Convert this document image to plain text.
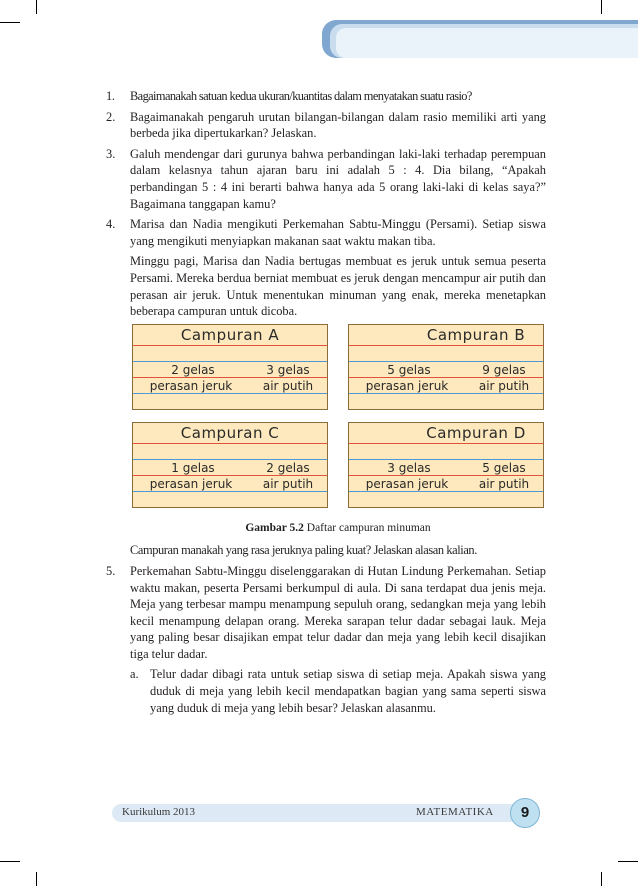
1. Bagaimanakah satuan kedua ukuran/kuantitas dalam menyatakan suatu rasio?

2. Bagaimanakah pengaruh urutan bilangan-bilangan dalam rasio memiliki arti yang berbeda jika dipertukarkan? Jelaskan.

3. Galuh mendengar dari gurunya bahwa perbandingan laki-laki terhadap perempuan dalam kelasnya tahun ajaran baru ini adalah 5 : 4. Dia bilang, “Apakah perbandingan 5 : 4 ini berarti bahwa hanya ada 5 orang laki-laki di kelas saya?” Bagaimana tanggapan kamu?

4. Marisa dan Nadia mengikuti Perkemahan Sabtu-Minggu (Persami). Setiap siswa yang mengikuti menyiapkan makanan saat waktu makan tiba.

Minggu pagi, Marisa dan Nadia bertugas membuat es jeruk untuk semua peserta Persami. Mereka berdua berniat membuat es jeruk dengan mencampur air putih dan perasan air jeruk. Untuk menentukan minuman yang enak, mereka menetapkan beberapa campuran untuk dicoba.

Campuran A
2 gelas	3 gelas
perasan jeruk	air putih
Campuran B
5 gelas	9 gelas
perasan jeruk	air putih
Campuran C
1 gelas	2 gelas
perasan jeruk	air putih
Campuran D
3 gelas	5 gelas
perasan jeruk	air putih
Gambar 5.2 Daftar campuran minuman

Campuran manakah yang rasa jeruknya paling kuat? Jelaskan alasan kalian.

5. Perkemahan Sabtu-Minggu diselenggarakan di Hutan Lindung Perkemahan. Setiap waktu makan, peserta Persami berkumpul di aula. Di sana terdapat dua jenis meja. Meja yang terbesar mampu menampung sepuluh orang, sedangkan meja yang lebih kecil menampung delapan orang. Mereka sarapan telur dadar sebagai lauk. Meja yang paling besar disajikan empat telur dadar dan meja yang lebih kecil disajikan tiga telur dadar.

a. Telur dadar dibagi rata untuk setiap siswa di setiap meja. Apakah siswa yang duduk di meja yang lebih kecil mendapatkan bagian yang sama seperti siswa yang duduk di meja yang lebih besar? Jelaskan alasanmu.
Kurikulum 2013	MATEMATIKA	9
